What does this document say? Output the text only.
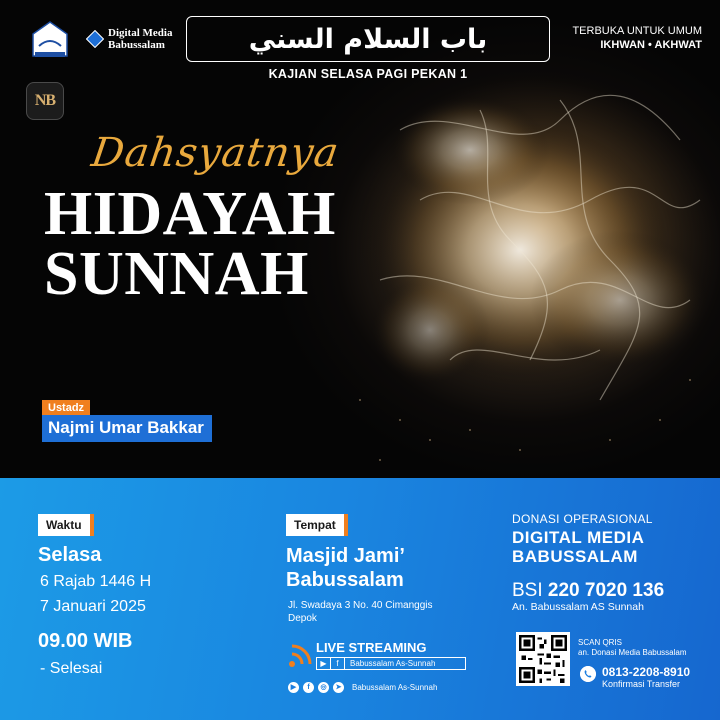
Digital Media
Babussalam
NB
باب السلام السني
KAJIAN SELASA PAGI PEKAN 1
TERBUKA UNTUK UMUM
IKHWAN • AKHWAT
Dahsyatnya
HIDAYAH
SUNNAH
Ustadz
Najmi Umar Bakkar
Waktu
Selasa
6 Rajab 1446 H
7 Januari 2025
09.00 WIB
- Selesai
Tempat
Masjid Jami’
Babussalam
Jl. Swadaya 3 No. 40 Cimanggis
Depok
LIVE STREAMING
▶	f	Babussalam As-Sunnah
▶	f	◎	➤	Babussalam As-Sunnah
DONASI OPERASIONAL
DIGITAL MEDIA
BABUSSALAM
BSI 220 7020 136
An. Babussalam AS Sunnah
SCAN QRIS
an. Donasi Media Babussalam
0813-2208-8910
Konfirmasi Transfer
